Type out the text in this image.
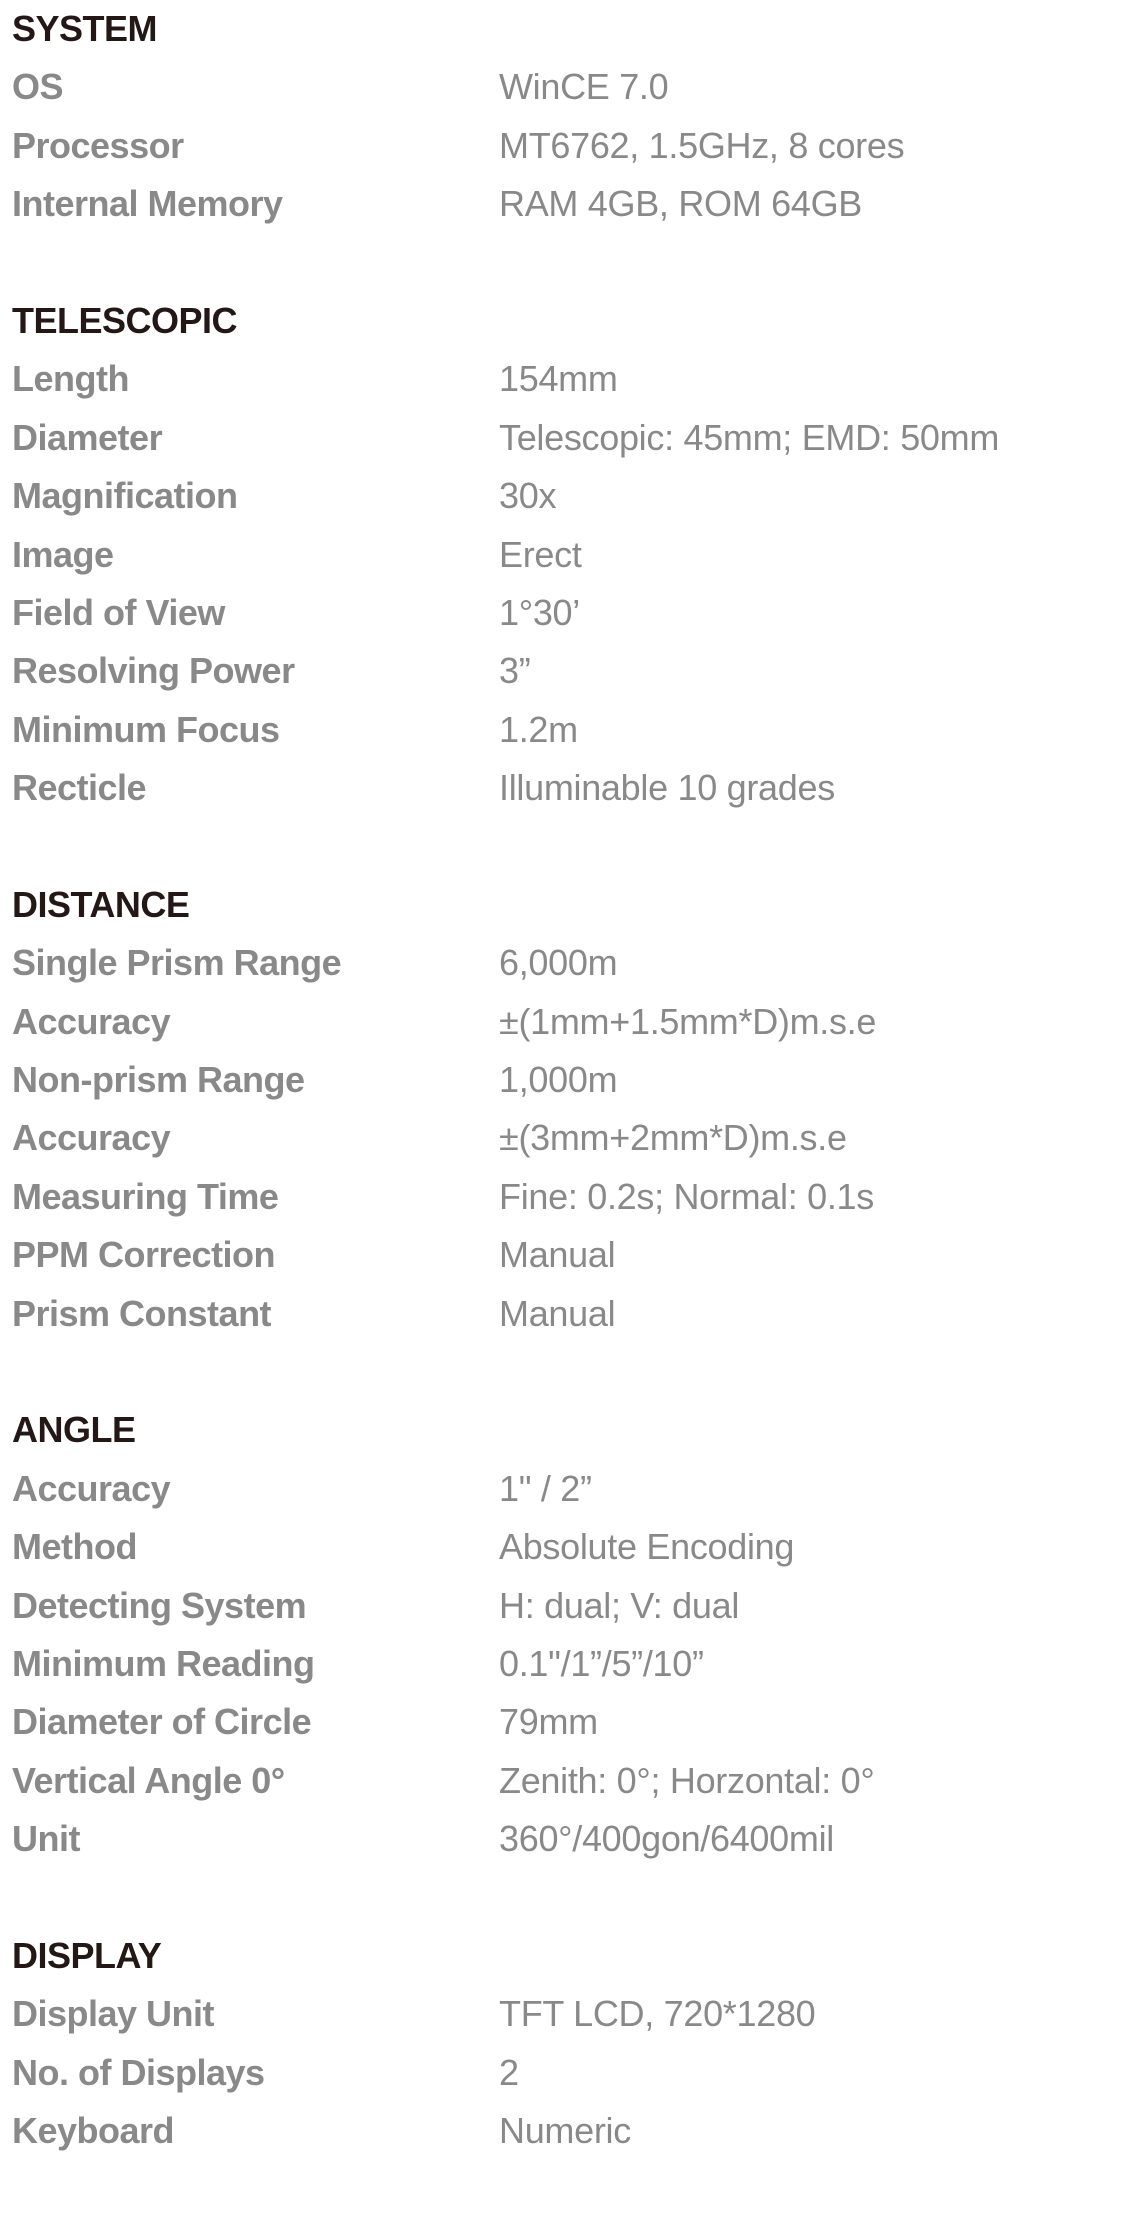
SYSTEM
OS	WinCE 7.0
Processor	MT6762, 1.5GHz, 8 cores
Internal Memory	RAM 4GB, ROM 64GB
TELESCOPIC
Length	154mm
Diameter	Telescopic: 45mm; EMD: 50mm
Magnification	30x
Image	Erect
Field of View	1°30’
Resolving Power	3”
Minimum Focus	1.2m
Recticle	Illuminable 10 grades
DISTANCE
Single Prism Range	6,000m
Accuracy	±(1mm+1.5mm*D)m.s.e
Non-prism Range	1,000m
Accuracy	±(3mm+2mm*D)m.s.e
Measuring Time	Fine: 0.2s; Normal: 0.1s
PPM Correction	Manual
Prism Constant	Manual
ANGLE
Accuracy	1" / 2”
Method	Absolute Encoding
Detecting System	H: dual; V: dual
Minimum Reading	0.1"/1”/5”/10”
Diameter of Circle	79mm
Vertical Angle 0°	Zenith: 0°; Horzontal: 0°
Unit	360°/400gon/6400mil
DISPLAY
Display Unit	TFT LCD, 720*1280
No. of Displays	2
Keyboard	Numeric
